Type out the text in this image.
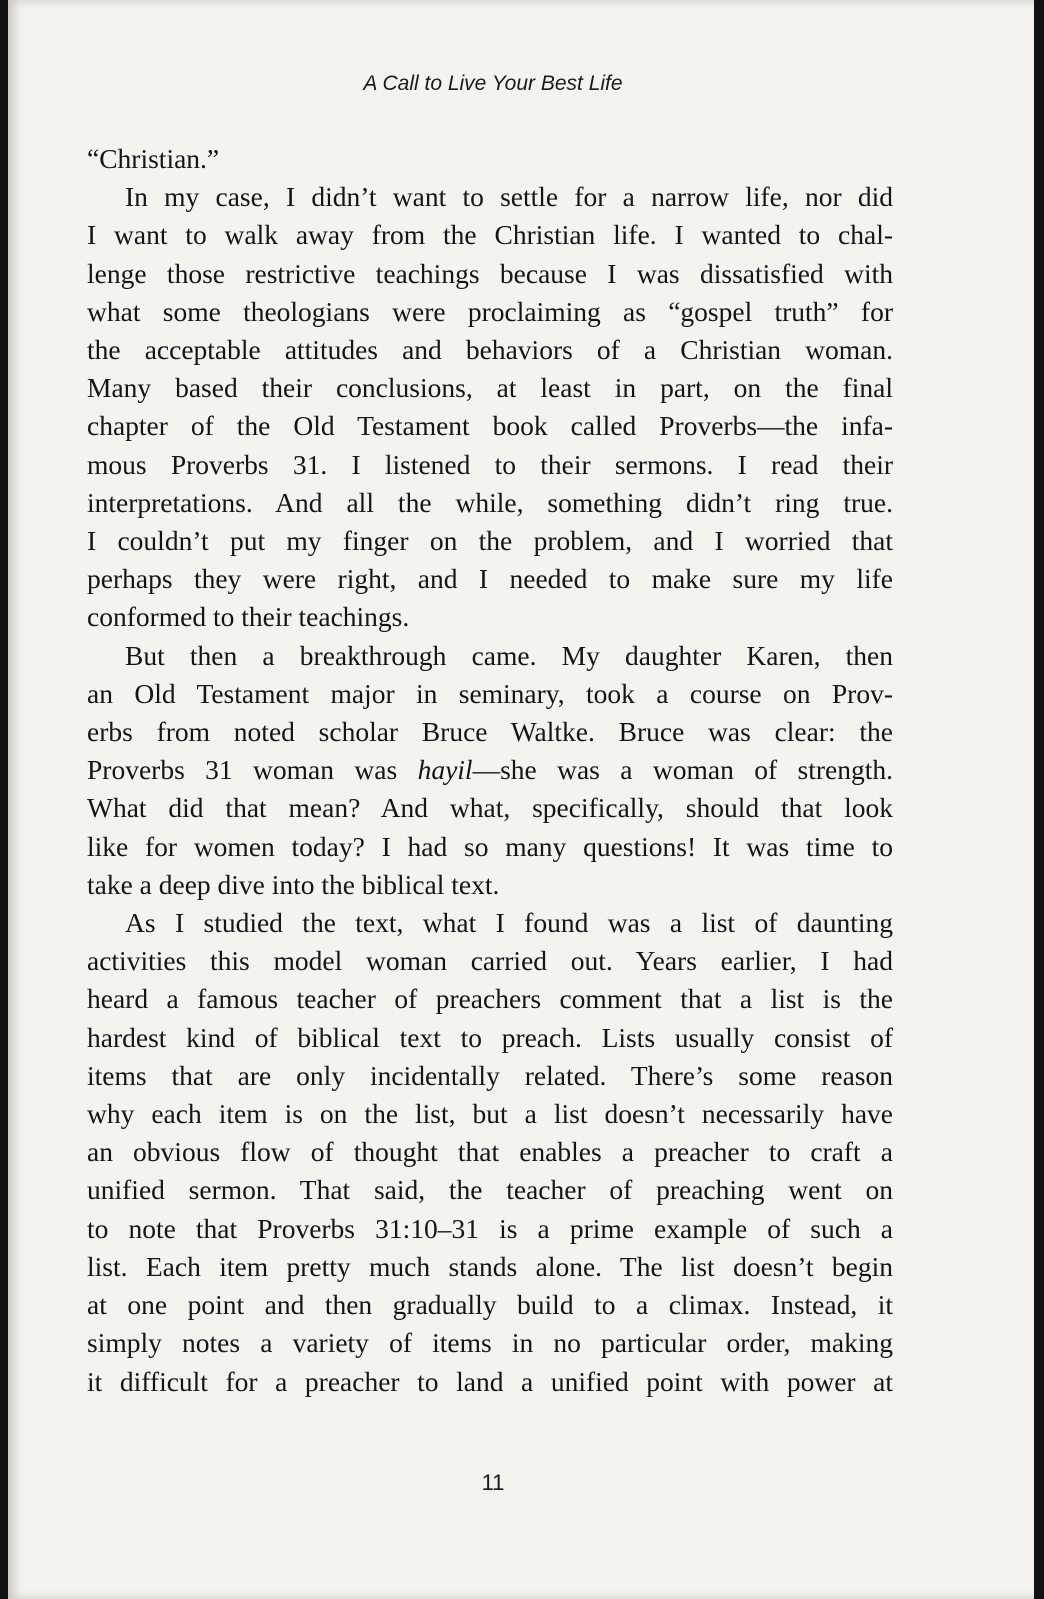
A Call to Live Your Best Life
“Christian.”
In my case, I didn’t want to settle for a narrow life, nor did
I want to walk away from the Christian life. I wanted to chal-
lenge those restrictive teachings because I was dissatisfied with
what some theologians were proclaiming as “gospel truth” for
the acceptable attitudes and behaviors of a Christian woman.
Many based their conclusions, at least in part, on the final
chapter of the Old Testament book called Proverbs—the infa-
mous Proverbs 31. I listened to their sermons. I read their
interpretations. And all the while, something didn’t ring true.
I couldn’t put my finger on the problem, and I worried that
perhaps they were right, and I needed to make sure my life
conformed to their teachings.
But then a breakthrough came. My daughter Karen, then
an Old Testament major in seminary, took a course on Prov-
erbs from noted scholar Bruce Waltke. Bruce was clear: the
Proverbs 31 woman was hayil—she was a woman of strength.
What did that mean? And what, specifically, should that look
like for women today? I had so many questions! It was time to
take a deep dive into the biblical text.
As I studied the text, what I found was a list of daunting
activities this model woman carried out. Years earlier, I had
heard a famous teacher of preachers comment that a list is the
hardest kind of biblical text to preach. Lists usually consist of
items that are only incidentally related. There’s some reason
why each item is on the list, but a list doesn’t necessarily have
an obvious flow of thought that enables a preacher to craft a
unified sermon. That said, the teacher of preaching went on
to note that Proverbs 31:10–31 is a prime example of such a
list. Each item pretty much stands alone. The list doesn’t begin
at one point and then gradually build to a climax. Instead, it
simply notes a variety of items in no particular order, making
it difficult for a preacher to land a unified point with power at
11
